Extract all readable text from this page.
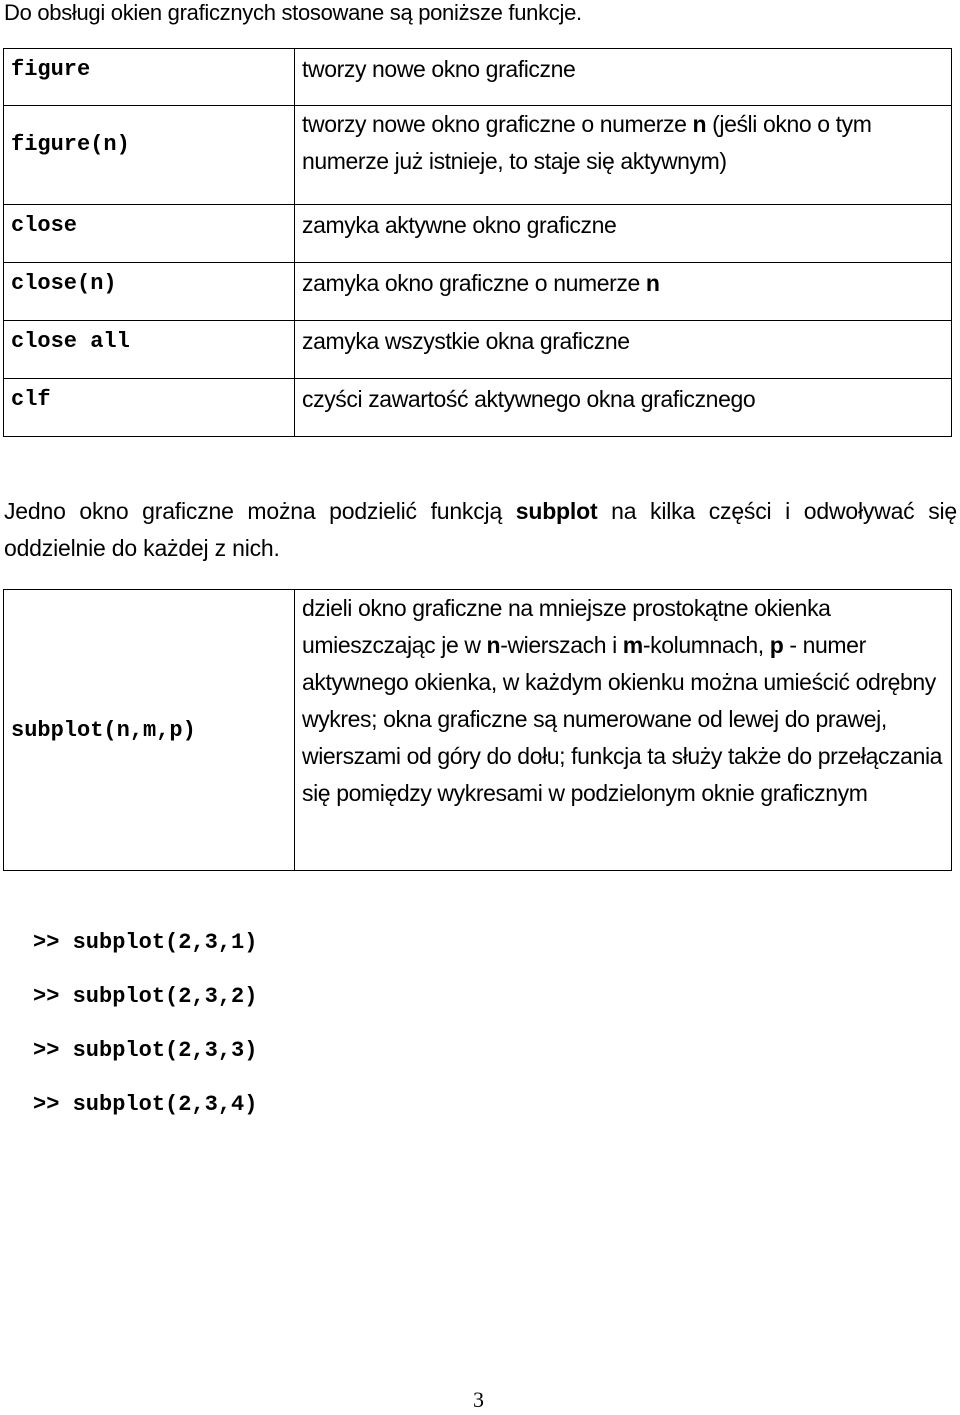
Do obsługi okien graficznych stosowane są poniższe funkcje.
figure	tworzy nowe okno graficzne
figure(n)	tworzy nowe okno graficzne o numerze n (jeśli okno o tym numerze już istnieje, to staje się aktywnym)
close	zamyka aktywne okno graficzne
close(n)	zamyka okno graficzne o numerze n
close all	zamyka wszystkie okna graficzne
clf	czyści zawartość aktywnego okna graficznego
Jedno okno graficzne można podzielić funkcją subplot na kilka części i odwoływać się oddzielnie do każdej z nich.
subplot(n,m,p)	dzieli okno graficzne na mniejsze prostokątne okienka umieszczając je w n-wierszach i m-kolumnach, p - numer aktywnego okienka, w każdym okienku można umieścić odrębny wykres; okna graficzne są numerowane od lewej do prawej, wierszami od góry do dołu; funkcja ta służy także do przełączania się pomiędzy wykresami w podzielonym oknie graficznym
>> subplot(2,3,1)
>> subplot(2,3,2)
>> subplot(2,3,3)
>> subplot(2,3,4)
3
